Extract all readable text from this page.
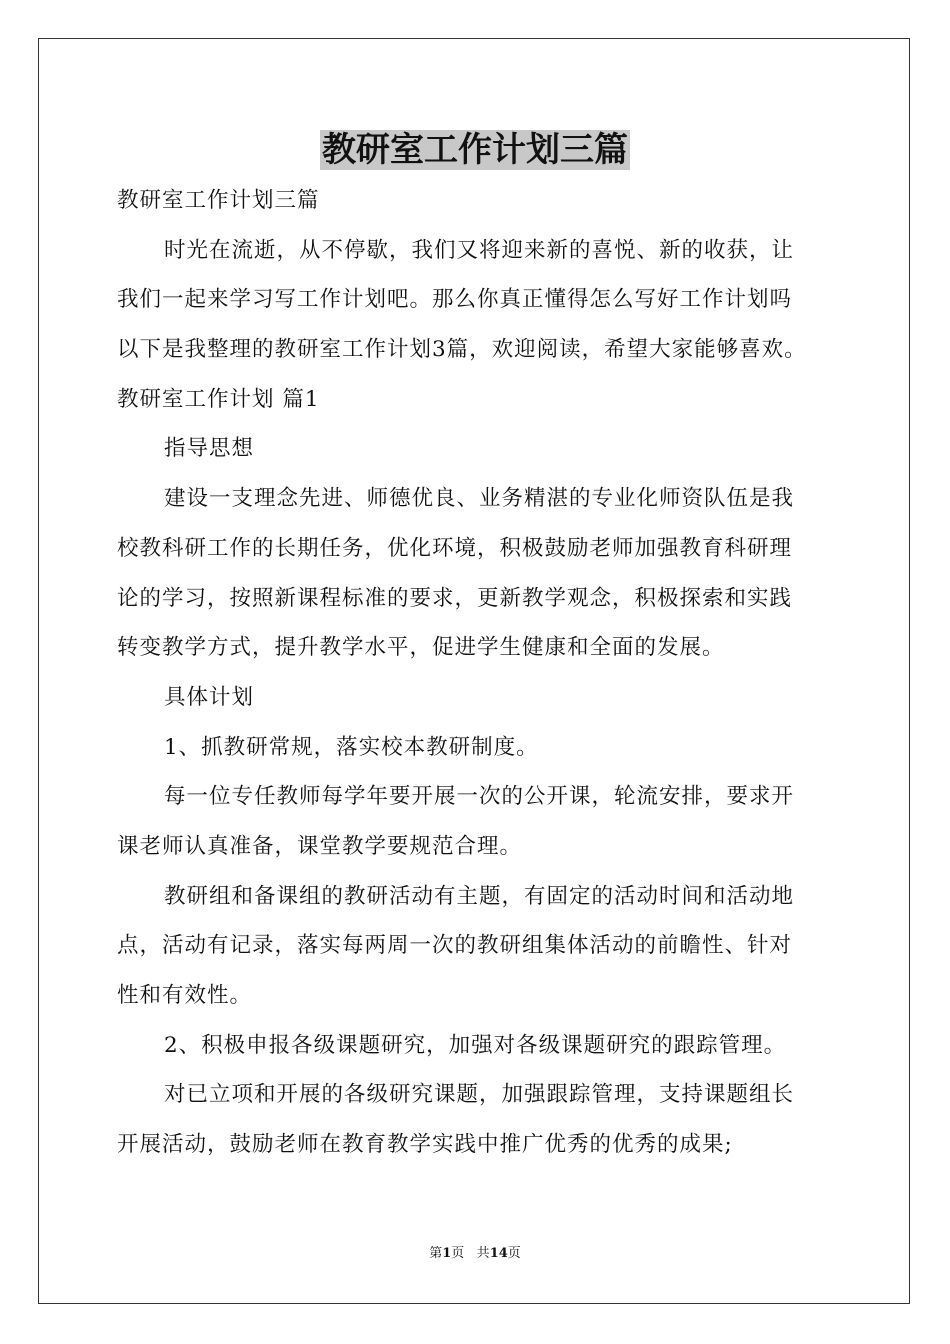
教研室工作计划三篇
教研室工作计划三篇
时光在流逝，从不停歇，我们又将迎来新的喜悦、新的收获，让
我们一起来学习写工作计划吧。那么你真正懂得怎么写好工作计划吗
以下是我整理的教研室工作计划3篇，欢迎阅读，希望大家能够喜欢。
教研室工作计划 篇1
指导思想
建设一支理念先进、师德优良、业务精湛的专业化师资队伍是我
校教科研工作的长期任务，优化环境，积极鼓励老师加强教育科研理
论的学习，按照新课程标准的要求，更新教学观念，积极探索和实践
转变教学方式，提升教学水平，促进学生健康和全面的发展。
具体计划
1、抓教研常规，落实校本教研制度。
每一位专任教师每学年要开展一次的公开课，轮流安排，要求开
课老师认真准备，课堂教学要规范合理。
教研组和备课组的教研活动有主题，有固定的活动时间和活动地
点，活动有记录，落实每两周一次的教研组集体活动的前瞻性、针对
性和有效性。
2、积极申报各级课题研究，加强对各级课题研究的跟踪管理。
对已立项和开展的各级研究课题，加强跟踪管理，支持课题组长
开展活动，鼓励老师在教育教学实践中推广优秀的优秀的成果;
第1页 共14页
